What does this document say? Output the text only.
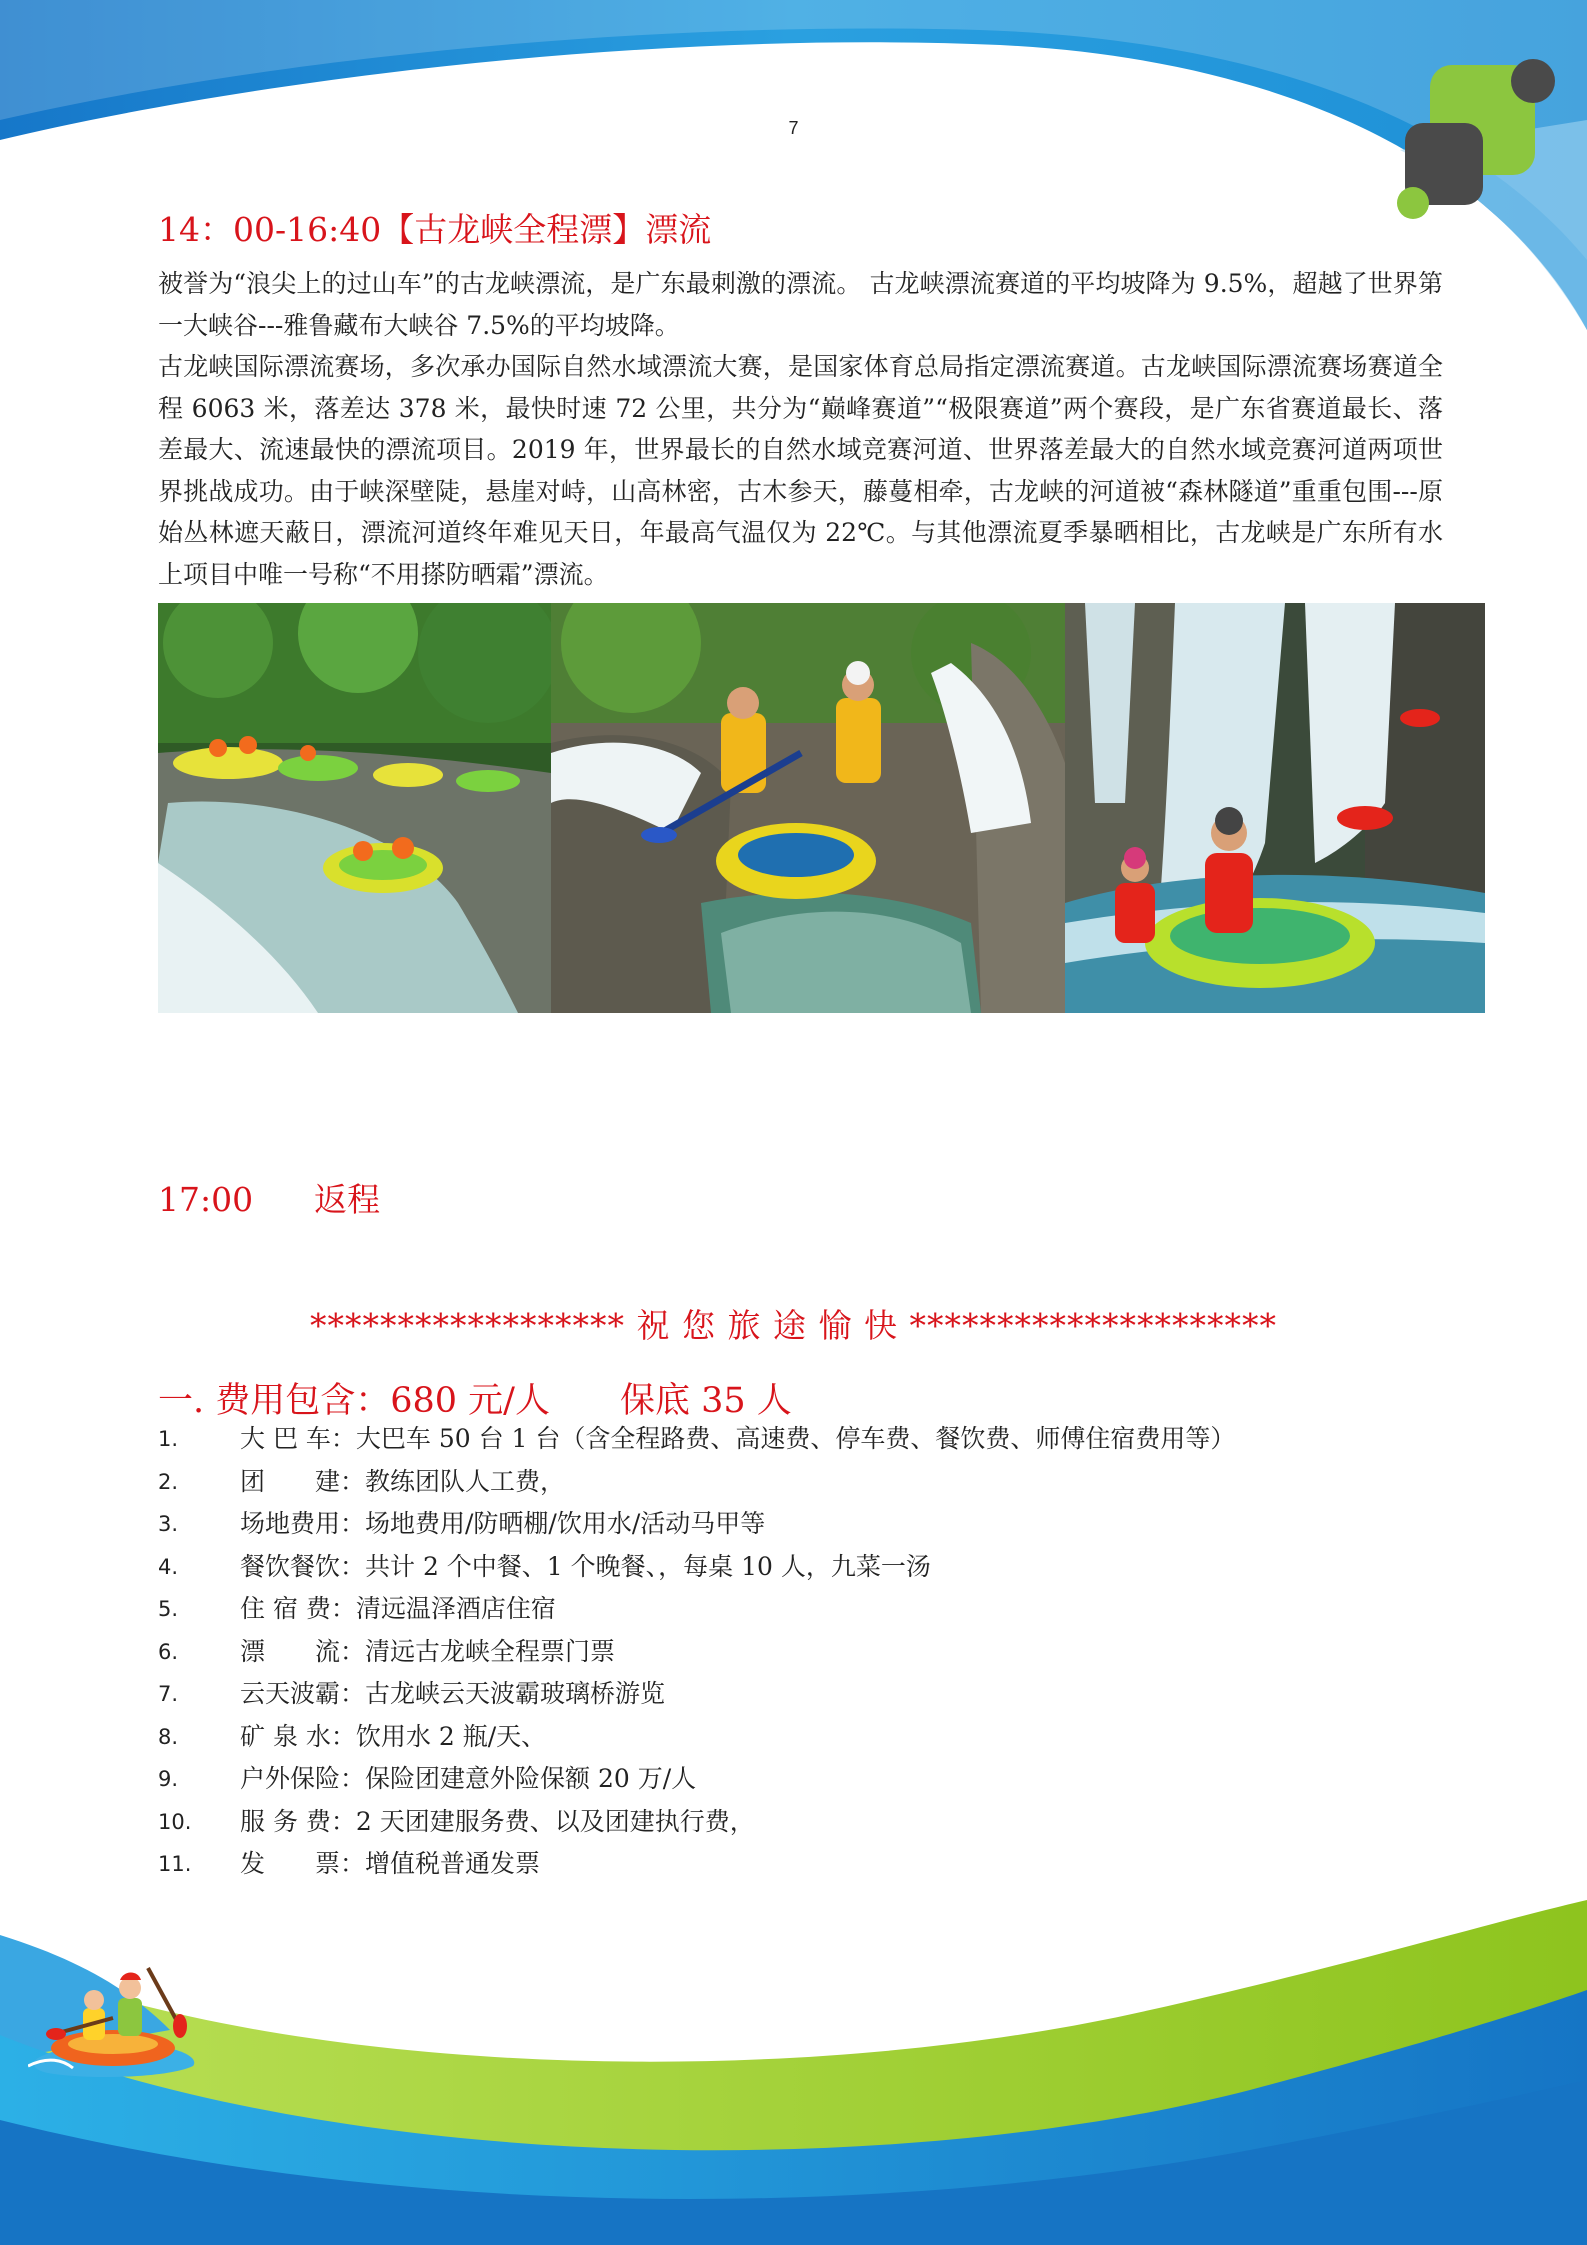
7
14：00-16:40【古龙峡全程漂】漂流

被誉为“浪尖上的过山车”的古龙峡漂流，是广东最刺激的漂流。 古龙峡漂流赛道的平均坡降为 9.5%，超越了世界第一大峡谷---雅鲁藏布大峡谷 7.5%的平均坡降。

古龙峡国际漂流赛场，多次承办国际自然水域漂流大赛，是国家体育总局指定漂流赛道。古龙峡国际漂流赛场赛道全程 6063 米，落差达 378 米，最快时速 72 公里，共分为“巅峰赛道”“极限赛道”两个赛段，是广东省赛道最长、落差最大、流速最快的漂流项目。2019 年，世界最长的自然水域竞赛河道、世界落差最大的自然水域竞赛河道两项世界挑战成功。由于峡深壁陡，悬崖对峙，山高林密，古木参天，藤蔓相牵，古龙峡的河道被“森林隧道”重重包围---原始丛林遮天蔽日，漂流河道终年难见天日，年最高气温仅为 22℃。与其他漂流夏季暴晒相比，古龙峡是广东所有水上项目中唯一号称“不用搽防晒霜”漂流。

17:00 返程
****************** 祝 您 旅 途 愉 快 *********************
一. 费用包含：680 元/人　　保底 35 人
1.	大 巴 车：大巴车 50 台 1 台（含全程路费、高速费、停车费、餐饮费、师傅住宿费用等）
2.	团　　建：教练团队人工费，
3.	场地费用：场地费用/防晒棚/饮用水/活动马甲等
4.	餐饮餐饮：共计 2 个中餐、1 个晚餐、，每桌 10 人，九菜一汤
5.	住 宿 费：清远温泽酒店住宿
6.	漂　　流：清远古龙峡全程票门票
7.	云天波霸：古龙峡云天波霸玻璃桥游览
8.	矿 泉 水：饮用水 2 瓶/天、
9.	户外保险：保险团建意外险保额 20 万/人
10.	服 务 费：2 天团建服务费、以及团建执行费，
11.	发　　票：增值税普通发票
